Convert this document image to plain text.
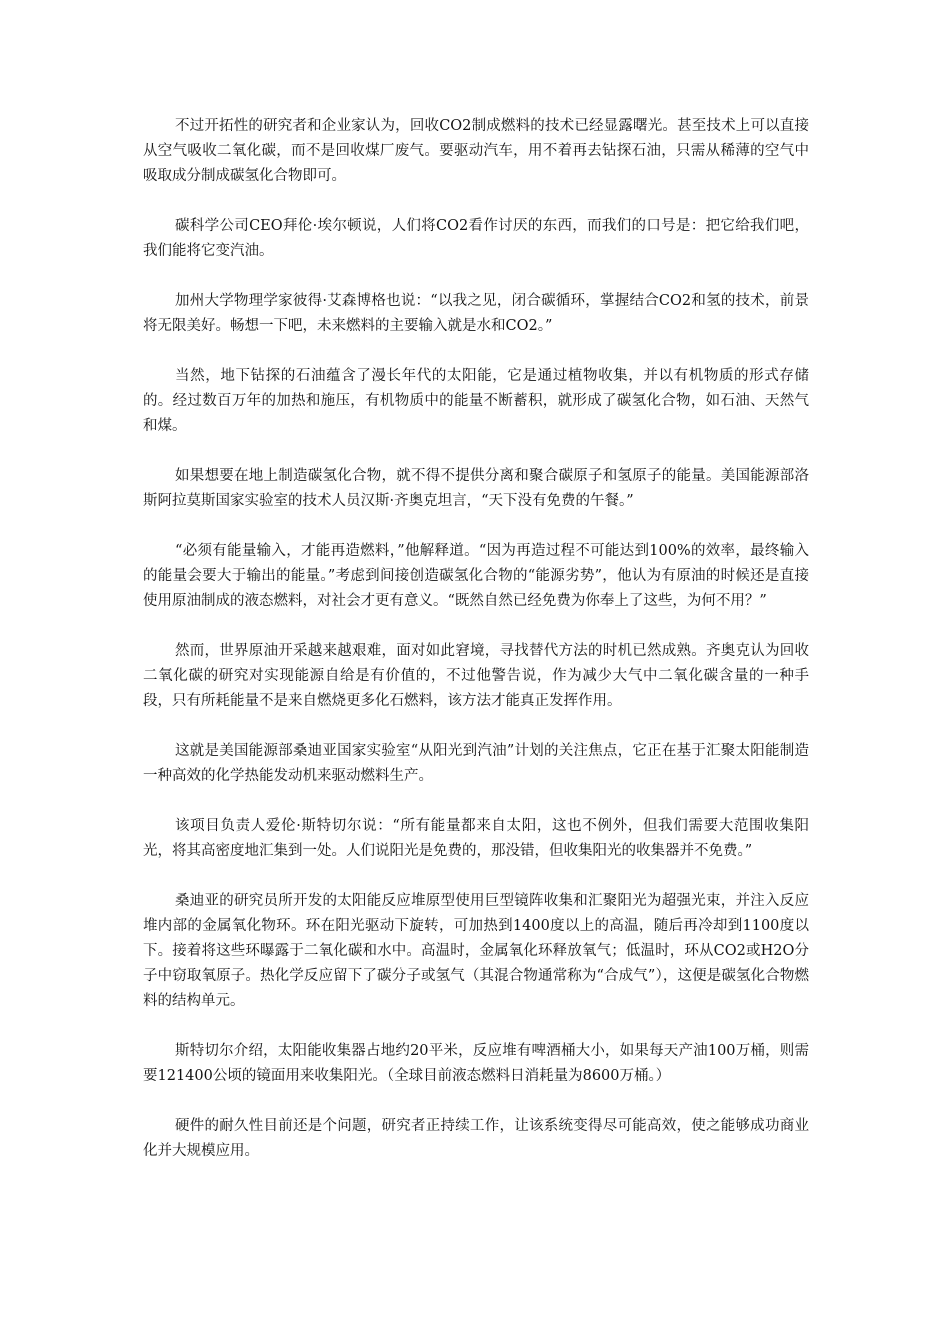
不过开拓性的研究者和企业家认为，回收CO2制成燃料的技术已经显露曙光。甚至技术上可以直接从空气吸收二氧化碳，而不是回收煤厂废气。要驱动汽车，用不着再去钻探石油，只需从稀薄的空气中吸取成分制成碳氢化合物即可。

碳科学公司CEO拜伦·埃尔顿说，人们将CO2看作讨厌的东西，而我们的口号是：把它给我们吧，我们能将它变汽油。

加州大学物理学家彼得·艾森博格也说：“以我之见，闭合碳循环，掌握结合CO2和氢的技术，前景将无限美好。畅想一下吧，未来燃料的主要输入就是水和CO2。”

当然，地下钻探的石油蕴含了漫长年代的太阳能，它是通过植物收集，并以有机物质的形式存储的。经过数百万年的加热和施压，有机物质中的能量不断蓄积，就形成了碳氢化合物，如石油、天然气和煤。

如果想要在地上制造碳氢化合物，就不得不提供分离和聚合碳原子和氢原子的能量。美国能源部洛斯阿拉莫斯国家实验室的技术人员汉斯·齐奥克坦言，“天下没有免费的午餐。”

“必须有能量输入，才能再造燃料，”他解释道。“因为再造过程不可能达到100%的效率，最终输入的能量会要大于输出的能量。”考虑到间接创造碳氢化合物的“能源劣势”，他认为有原油的时候还是直接使用原油制成的液态燃料，对社会才更有意义。“既然自然已经免费为你奉上了这些，为何不用？”

然而，世界原油开采越来越艰难，面对如此窘境，寻找替代方法的时机已然成熟。齐奥克认为回收二氧化碳的研究对实现能源自给是有价值的，不过他警告说，作为减少大气中二氧化碳含量的一种手段，只有所耗能量不是来自燃烧更多化石燃料，该方法才能真正发挥作用。

这就是美国能源部桑迪亚国家实验室“从阳光到汽油”计划的关注焦点，它正在基于汇聚太阳能制造一种高效的化学热能发动机来驱动燃料生产。

该项目负责人爱伦·斯特切尔说：“所有能量都来自太阳，这也不例外，但我们需要大范围收集阳光，将其高密度地汇集到一处。人们说阳光是免费的，那没错，但收集阳光的收集器并不免费。”

桑迪亚的研究员所开发的太阳能反应堆原型使用巨型镜阵收集和汇聚阳光为超强光束，并注入反应堆内部的金属氧化物环。环在阳光驱动下旋转，可加热到1400度以上的高温，随后再冷却到1100度以下。接着将这些环曝露于二氧化碳和水中。高温时，金属氧化环释放氧气；低温时，环从CO2或H2O分子中窃取氧原子。热化学反应留下了碳分子或氢气（其混合物通常称为“合成气”），这便是碳氢化合物燃料的结构单元。

斯特切尔介绍，太阳能收集器占地约20平米，反应堆有啤酒桶大小，如果每天产油100万桶，则需要121400公顷的镜面用来收集阳光。（全球目前液态燃料日消耗量为8600万桶。）

硬件的耐久性目前还是个问题，研究者正持续工作，让该系统变得尽可能高效，使之能够成功商业化并大规模应用。
